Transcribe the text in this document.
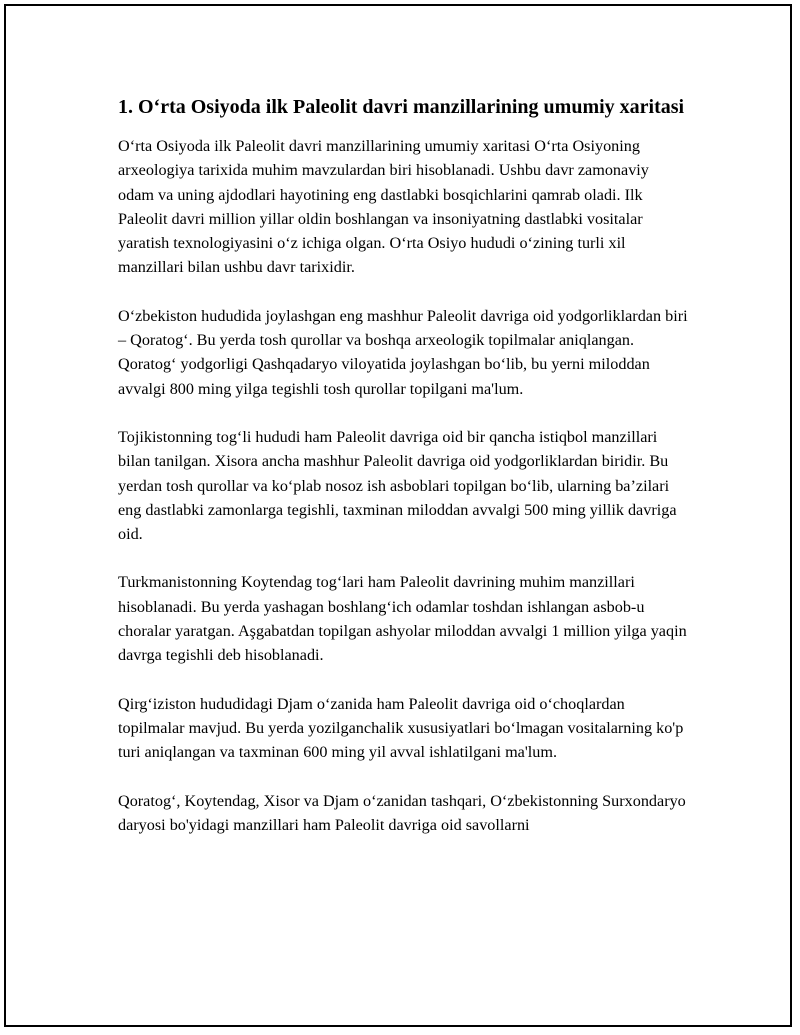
1. O‘rta Osiyoda ilk Paleolit davri manzillarining umumiy xaritasi

O‘rta Osiyoda ilk Paleolit davri manzillarining umumiy xaritasi O‘rta Osiyoning arxeologiya tarixida muhim mavzulardan biri hisoblanadi. Ushbu davr zamonaviy odam va uning ajdodlari hayotining eng dastlabki bosqichlarini qamrab oladi. Ilk Paleolit davri million yillar oldin boshlangan va insoniyatning dastlabki vositalar yaratish texnologiyasini o‘z ichiga olgan. O‘rta Osiyo hududi o‘zining turli xil manzillari bilan ushbu davr tarixidir.

O‘zbekiston hududida joylashgan eng mashhur Paleolit davriga oid yodgorliklardan biri – Qoratog‘. Bu yerda tosh qurollar va boshqa arxeologik topilmalar aniqlangan. Qoratog‘ yodgorligi Qashqadaryo viloyatida joylashgan bo‘lib, bu yerni miloddan avvalgi 800 ming yilga tegishli tosh qurollar topilgani ma'lum.

Tojikistonning tog‘li hududi ham Paleolit davriga oid bir qancha istiqbol manzillari bilan tanilgan. Xisora ancha mashhur Paleolit davriga oid yodgorliklardan biridir. Bu yerdan tosh qurollar va ko‘plab nosoz ish asboblari topilgan bo‘lib, ularning ba’zilari eng dastlabki zamonlarga tegishli, taxminan miloddan avvalgi 500 ming yillik davriga oid.

Turkmanistonning Koytendag tog‘lari ham Paleolit davrining muhim manzillari hisoblanadi. Bu yerda yashagan boshlang‘ich odamlar toshdan ishlangan asbob-u choralar yaratgan. Aşgabatdan topilgan ashyolar miloddan avvalgi 1 million yilga yaqin davrga tegishli deb hisoblanadi.

Qirg‘iziston hududidagi Djam o‘zanida ham Paleolit davriga oid o‘choqlardan topilmalar mavjud. Bu yerda yozilganchalik xususiyatlari bo‘lmagan vositalarning ko'p turi aniqlangan va taxminan 600 ming yil avval ishlatilgani ma'lum.

Qoratog‘, Koytendag, Xisor va Djam o‘zanidan tashqari, O‘zbekistonning Surxondaryo daryosi bo'yidagi manzillari ham Paleolit davriga oid savollarni
